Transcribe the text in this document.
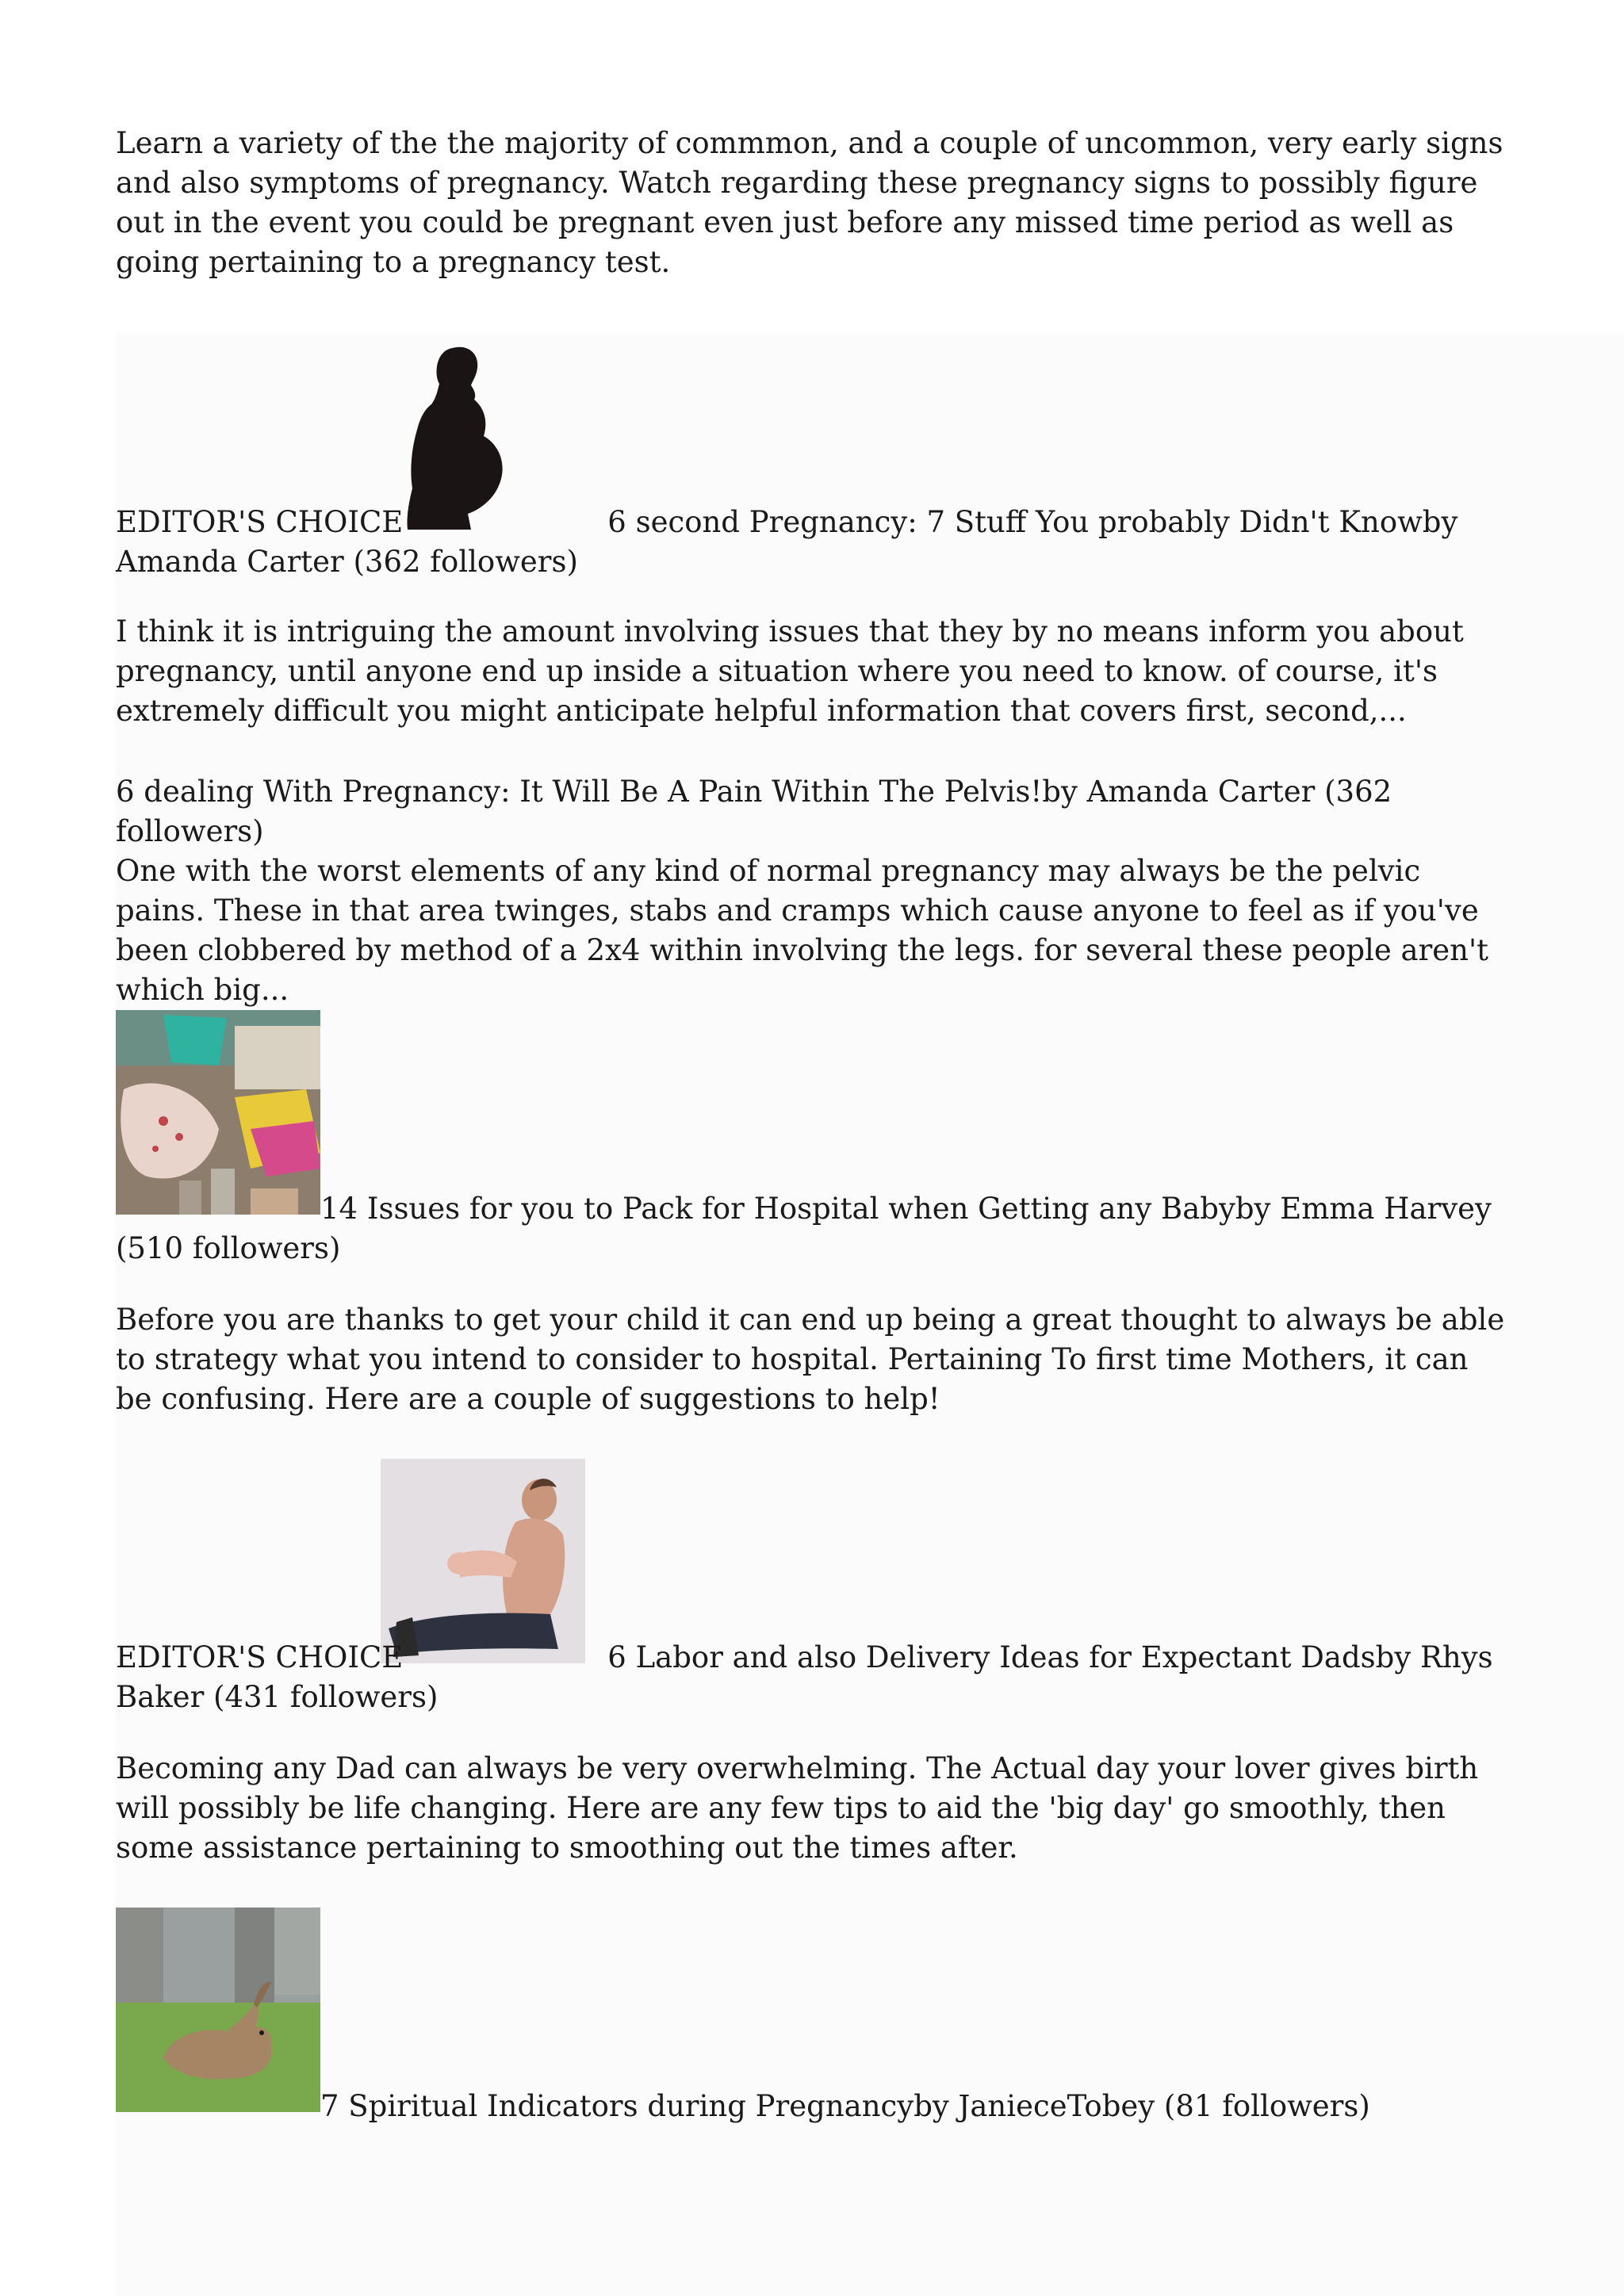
Learn a variety of the the majority of commmon, and a couple of uncommon, very early signs and also symptoms of pregnancy. Watch regarding these pregnancy signs to possibly figure out in the event you could be pregnant even just before any missed time period as well as going pertaining to a pregnancy test.

EDITOR'S CHOICE	6 second Pregnancy: 7 Stuff You probably Didn't Knowby Amanda Carter (362 followers)

I think it is intriguing the amount involving issues that they by no means inform you about pregnancy, until anyone end up inside a situation where you need to know. of course, it's extremely difficult you might anticipate helpful information that covers first, second,...

6 dealing With Pregnancy: It Will Be A Pain Within The Pelvis!by Amanda Carter (362 followers)

One with the worst elements of any kind of normal pregnancy may always be the pelvic pains. These in that area twinges, stabs and cramps which cause anyone to feel as if you've been clobbered by method of a 2x4 within involving the legs. for several these people aren't which big...

14 Issues for you to Pack for Hospital when Getting any Babyby Emma Harvey (510 followers)

Before you are thanks to get your child it can end up being a great thought to always be able to strategy what you intend to consider to hospital. Pertaining To first time Mothers, it can be confusing. Here are a couple of suggestions to help!

EDITOR'S CHOICE	6 Labor and also Delivery Ideas for Expectant Dadsby Rhys Baker (431 followers)

Becoming any Dad can always be very overwhelming. The Actual day your lover gives birth will possibly be life changing. Here are any few tips to aid the 'big day' go smoothly, then some assistance pertaining to smoothing out the times after.

7 Spiritual Indicators during Pregnancyby JanieceTobey (81 followers)
